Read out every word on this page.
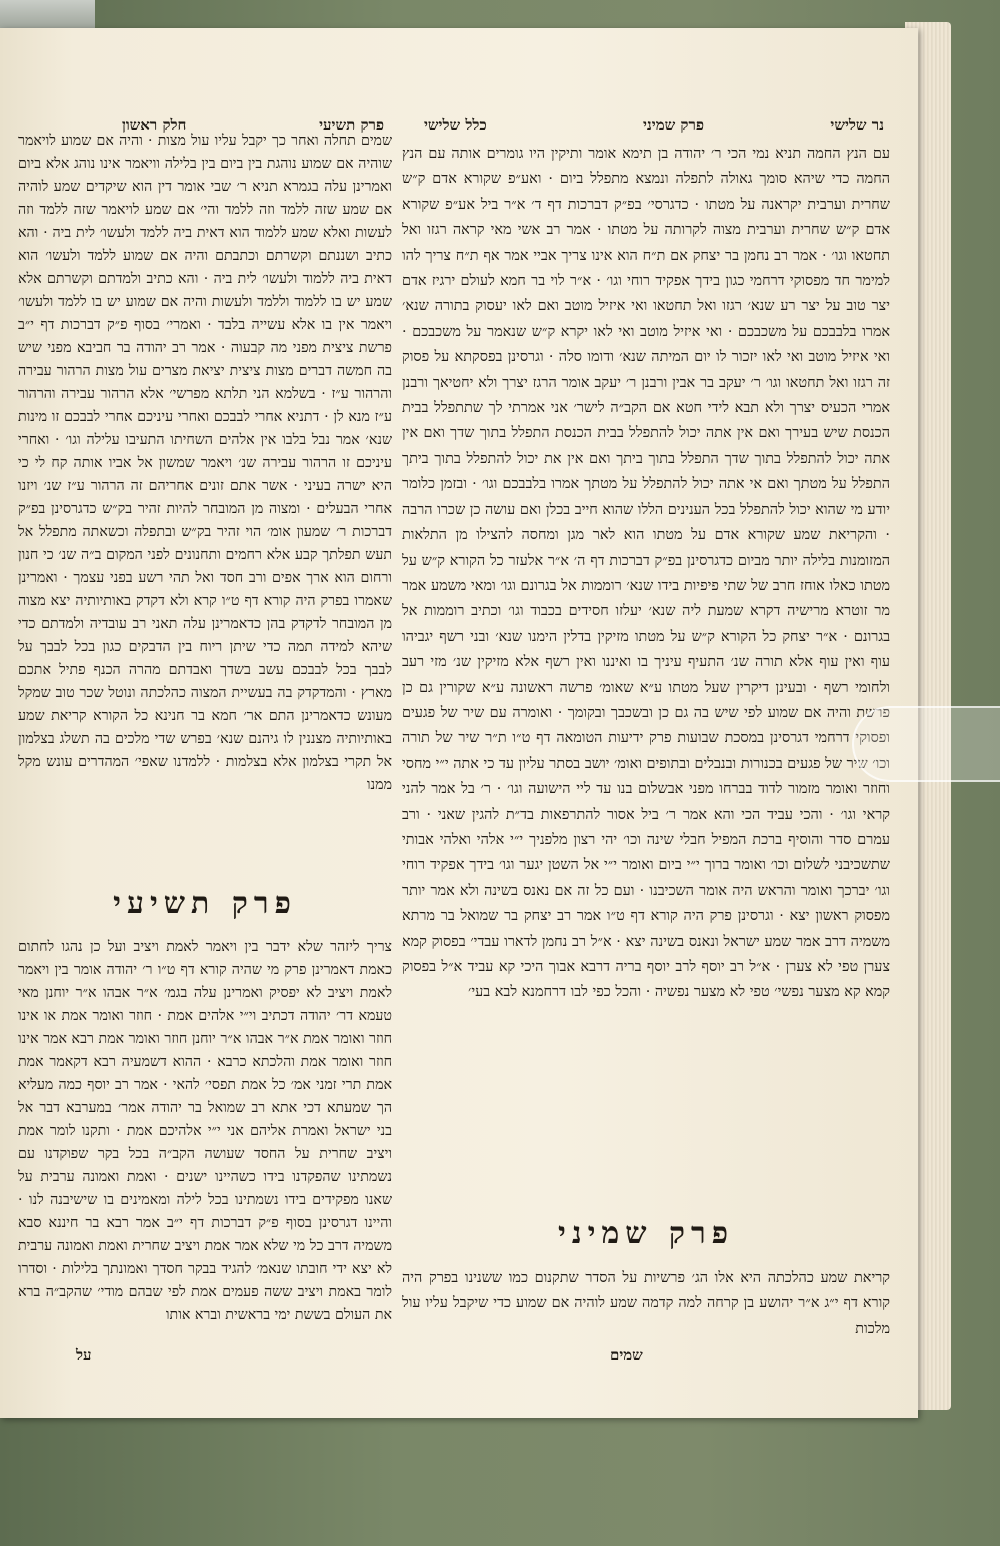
נר שלישי
פרק שמיני
כלל שלישי

עם הנץ החמה תניא נמי הכי ר׳ יהודה בן תימא אומר ותיקין היו גומרים אותה עם הנץ החמה כדי שיהא סומך גאולה לתפלה ונמצא מתפלל ביום · ואע״פ שקורא אדם ק״ש שחרית וערבית יקראנה על מטתו · כדגרסי׳ בפ״ק דברכות דף ד׳ א״ר ביל אע״פ שקורא אדם ק״ש שחרית וערבית מצוה לקרותה על מטתו · אמר רב אשי מאי קראה רגזו ואל תחטאו וגו׳ · אמר רב נחמן בר יצחק אם ת״ח הוא אינו צריך אביי אמר אף ת״ח צריך להו למימר חד מפסוקי דרחמי כגון בידך אפקיד רוחי וגו׳ · א״ר לוי בר חמא לעולם ירגיז אדם יצר טוב על יצר רע שנא׳ רגזו ואל תחטאו ואי איזיל מוטב ואם לאו יעסוק בתורה שנא׳ אמרו בלבבכם על משכבכם · ואי איזיל מוטב ואי לאו יקרא ק״ש שנאמר על משכבכם · ואי איזיל מוטב ואי לאו יזכור לו יום המיתה שנא׳ ודומו סלה · וגרסינן בפסקתא על פסוק זה רגזו ואל תחטאו וגו׳ ר׳ יעקב בר אבין ורבנן ר׳ יעקב אומר הרגז יצרך ולא יחטיאך ורבנן אמרי הכעיס יצרך ולא תבא לידי חטא אם הקב״ה לישר׳ אני אמרתי לך שתתפלל בבית הכנסת שיש בעירך ואם אין אתה יכול להתפלל בבית הכנסת התפלל בתוך שדך ואם אין אתה יכול להתפלל בתוך שדך התפלל בתוך ביתך ואם אין את יכול להתפלל בתוך ביתך התפלל על מטתך ואם אי אתה יכול להתפלל על מטתך אמרו בלבבכם וגו׳ · ובזמן כלומר יודע מי שהוא יכול להתפלל בכל הענינים הללו שהוא חייב בכלן ואם עושה כן שכרו הרבה · והקריאת שמע שקורא אדם על מטתו הוא לאר מגן ומחסה להצילו מן התלאות המזומנות בלילה יותר מביום כדגרסינן בפ״ק דברכות דף ה׳ א״ר אלעזר כל הקורא ק״ש על מטתו כאלו אוחז חרב של שתי פיפיות בידו שנא׳ רוממות אל בגרונם וגו׳ ומאי משמע אמר מר זוטרא מרישיה דקרא שמעת ליה שנא׳ יעלזו חסידים בכבוד וגו׳ וכתיב רוממות אל בגרונם · א״ר יצחק כל הקורא ק״ש על מטתו מזיקין בדלין הימנו שנא׳ ובני רשף יגביהו עוף ואין עוף אלא תורה שנ׳ התעיף עיניך בו ואיננו ואין רשף אלא מזיקין שנ׳ מזי רעב ולחומי רשף · ובעינן דיקרין שעל מטתו ע״א שאומ׳ פרשה ראשונה ע״א שקורין גם כן פרשת והיה אם שמוע לפי שיש בה גם כן ובשכבך ובקומך · ואומרה עם שיר של פגעים ופסוקי דרחמי דגרסינן במסכת שבועות פרק ידיעות הטומאה דף ט״ו ת״ר שיר של תורה וכו׳ שיר של פגעים בכנורות ובנבלים ובתופים ואומ׳ יושב בסתר עליון עד כי אתה י״י מחסי וחוזר ואומר מזמור לדוד בברחו מפני אבשלום בנו עד ליי הישועה וגו׳ · ר׳ בל אמר להני קראי וגו׳ · והכי עביד הכי והא אמר ר׳ ביל אסור להתרפאות בד״ת להגין שאני · ורב עמרם סדר והוסיף ברכת המפיל חבלי שינה וכו׳ יהי רצון מלפניך י״י אלהי ואלהי אבותי שתשכיבני לשלום וכו׳ ואומר ברוך י״י ביום ואומר י״י אל השטן יגער וגו׳ בידך אפקיד רוחי וגו׳ יברכך ואומר והראש היה אומר השכיבנו · ועם כל זה אם נאנס בשינה ולא אמר יותר מפסוק ראשון יצא · וגרסינן פרק היה קורא דף ט״ו אמר רב יצחק בר שמואל בר מרתא משמיה דרב אמר שמע ישראל ונאנס בשינה יצא · א״ל רב נחמן לדארו עבדי׳ בפסוק קמא צערן טפי לא צערן · א״ל רב יוסף לרב יוסף בריה דרבא אבוך היכי קא עביד א״ל בפסוק קמא קא מצער נפשי׳ טפי לא מצער נפשיה · והכל כפי לבו דרחמנא לבא בעי׳

פרק שמיני

קריאת שמע כהלכתה היא אלו הג׳ פרשיות על הסדר שתקנום כמו ששנינו בפרק היה קורא דף י״ג א״ר יהושע בן קרחה למה קדמה שמע לוהיה אם שמוע כדי שיקבל עליו עול מלכות

שמים
פרק תשיעי
חלק ראשון

שמים תחלה ואחר כך יקבל עליו עול מצות · והיה אם שמוע לויאמר שוהיה אם שמוע נוהגת בין ביום בין בלילה וויאמר אינו נוהג אלא ביום ואמרינן עלה בגמרא תניא ר׳ שבי אומר דין הוא שיקדים שמע לוהיה אם שמע שזה ללמד וזה ללמד והי׳ אם שמע לויאמר שזה ללמד וזה לעשות ואלא שמע ללמוד הוא דאית ביה ללמד ולעשו׳ לית ביה · והא כתיב ושננתם וקשרתם וכתבתם והיה אם שמוע ללמד ולעשו׳ הוא דאית ביה ללמוד ולעשו׳ לית ביה · והא כתיב ולמדתם וקשרתם אלא שמע יש בו ללמוד וללמד ולעשות והיה אם שמוע יש בו ללמד ולעשו׳ ויאמר אין בו אלא עשייה בלבד · ואמרי׳ בסוף פ״ק דברכות דף י״ב פרשת ציצית מפני מה קבעוה · אמר רב יהודה בר חביבא מפני שיש בה חמשה דברים מצות ציצית יציאת מצרים עול מצות הרהור עבירה והרהור ע״ז · בשלמא הני תלתא מפרשי׳ אלא הרהור עבירה והרהור ע״ז מנא לן · דתניא אחרי לבבכם ואחרי עיניכם אחרי לבבכם זו מינות שנא׳ אמר נבל בלבו אין אלהים השחיתו התעיבו עלילה וגו׳ · ואחרי עיניכם זו הרהור עבירה שנ׳ ויאמר שמשון אל אביו אותה קח לי כי היא ישרה בעיני · אשר אתם זונים אחריהם זה הרהור ע״ז שנ׳ ויזנו אחרי הבעלים · ומצוה מן המובחר להיות זהיר בק״ש כדגרסינן בפ״ק דברכות ר׳ שמעון אומ׳ הוי זהיר בק״ש ובתפלה וכשאתה מתפלל אל תעש תפלתך קבע אלא רחמים ותחנונים לפני המקום ב״ה שנ׳ כי חנון ורחום הוא ארך אפים ורב חסד ואל תהי רשע בפני עצמך · ואמרינן שאמרו בפרק היה קורא דף ט״ו קרא ולא דקדק באותיותיה יצא מצוה מן המובחר לדקדק בהן כדאמרינן עלה תאני רב עובדיה ולמדתם כדי שיהא למידה תמה כדי שיתן ריוח בין הדבקים כגון בכל לבבך על לבבך בכל לבבכם עשב בשדך ואבדתם מהרה הכנף פתיל אתכם מארץ · והמדקדק בה בעשיית המצוה כהלכתה ונוטל שכר טוב שמקל מעונש כדאמרינן התם אר׳ חמא בר חנינא כל הקורא קריאת שמע באותיותיה מצננין לו גיהנם שנא׳ בפרש שדי מלכים בה תשלג בצלמון אל תקרי בצלמון אלא בצלמות · ללמדנו שאפי׳ המהדרים עונש מקל ממנו

פרק תשיעי

צריך ליזהר שלא ידבר בין ויאמר לאמת ויציב ועל כן נהגו לחתום כאמת דאמרינן פרק מי שהיה קורא דף ט״ו ר׳ יהודה אומר בין ויאמר לאמת ויציב לא יפסיק ואמרינן עלה בגמ׳ א״ר אבהו א״ר יוחנן מאי טעמא דר׳ יהודה דכתיב וי״י אלהים אמת · חוזר ואומר אמת או אינו חוזר ואומר אמת א״ר אבהו א״ר יוחנן חוזר ואומר אמת רבא אמר אינו חוזר ואומר אמת והלכתא כרבא · ההוא דשמעיה רבא דקאמר אמת אמת תרי זמני אמ׳ כל אמת תפסי׳ להאי · אמר רב יוסף כמה מעליא הך שמעתא דכי אתא רב שמואל בר יהודה אמר׳ במערבא דבר אל בני ישראל ואמרת אליהם אני י״י אלהיכם אמת · ותקנו לומר אמת ויציב שחרית על החסד שעושה הקב״ה בכל בקר שפוקדנו עם נשמתינו שהפקדנו בידו כשהיינו ישנים · ואמת ואמונה ערבית על שאנו מפקידים בידו נשמתינו בכל לילה ומאמינים בו שישיבנה לנו · והיינו דגרסינן בסוף פ״ק דברכות דף י״ב אמר רבא בר חיננא סבא משמיה דרב כל מי שלא אמר אמת ויציב שחרית ואמת ואמונה ערבית לא יצא ידי חובתו שנאמ׳ להגיד בבקר חסדך ואמונתך בלילות · וסדרו לומר באמת ויציב ששה פעמים אמת לפי שבהם מודי׳ שהקב״ה ברא את העולם בששת ימי בראשית וברא אותו

על
